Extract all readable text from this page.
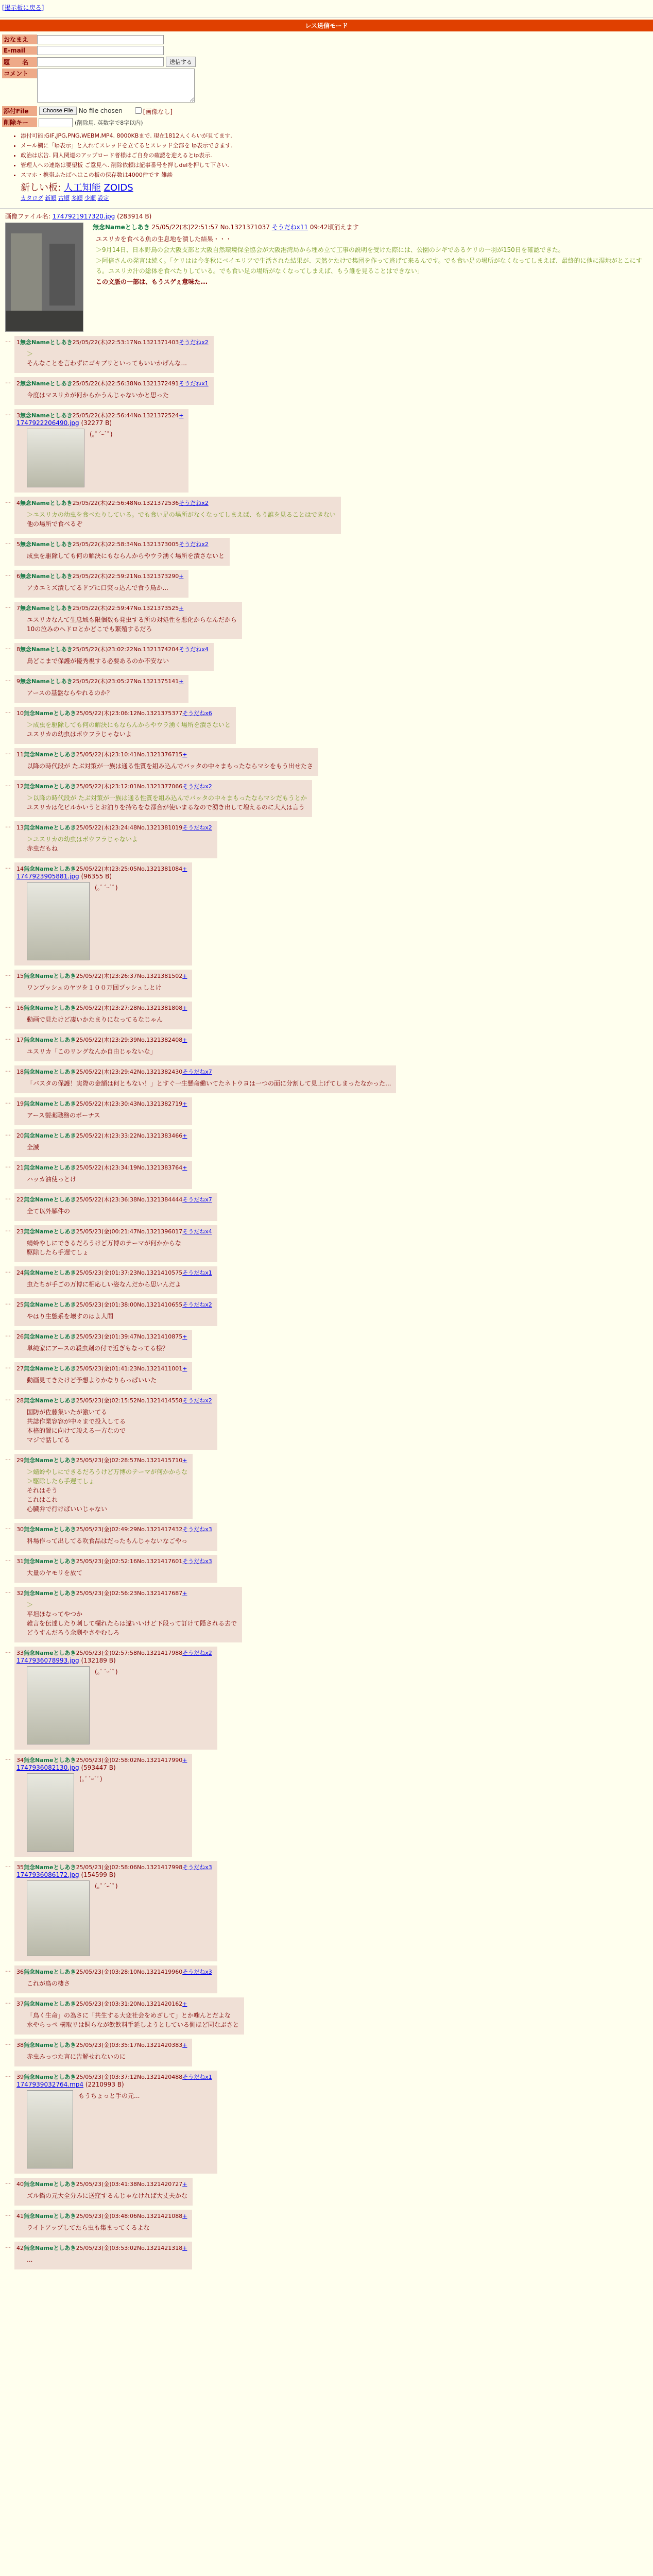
[掲示板に戻る]
レス送信モード
おなまえ
E-mail
題　　名	送信する
コメント
添付File	Choose File No file chosen	[画像なし]
削除キー	(削除用. 英数字で8字以内)
• 添付可能:GIF,JPG,PNG,WEBM,MP4. 8000KBまで. 現在1812人くらいが見てます.
• メール欄に「ip表示」と入れてスレッドを立てるとスレッド全部を ip表示できます.
• 政治は広告. 同人関連のアップロード者様はご自身の確認を迎えるとip表示.
• 管理人への連絡は要望板 ご意見へ. 削除依頼は記事番号を押しdelを押して下さい.
• スマホ・携帯ふたばへはこの板の保存数は4000件です 雑談
新しい板: 人工知能 ZOIDS
カタログ 新順 古順 多順 少順 設定
画像ファイル名: 1747921917320.jpg (283914 B)
無念Nameとしあき 25/05/22(木)22:51:57 No.1321371037 そうだねx11 09:42頃消えます

ユスリカを食べる魚の生息地を潰した結果・・・

＞9月14日、日本野鳥の会大阪支部と大阪自然環境保全協会が大阪港湾局から埋め立て工事の説明を受けた際には、公園のシギであるケリの一羽が150日を確認できた。

＞阿倍さんの発言は続く。「ケリはは今冬秋にベイエリアで生活された結果が、天然ケたけで集団を作って逃げて来るんです。でも食い足の場所がなくなってしまえば、最終的に他に湿地がとこにする。ユスリカ汁の総体を食べたりしている。でも食い足の場所がなくなってしまえば、もう誰を見ることはできない」

この文脈の一部は、もうスゲぇ意味た...

…	1無念Nameとしあき25/05/22(木)22:53:17No.1321371403そうだねx2
＞
そんなことを言わずにゴキブリといってもいいかげんな...
…	2無念Nameとしあき25/05/22(木)22:56:38No.1321372491そうだねx1
今度はマスリカが何からかうんじゃないかと思った
…	3無念Nameとしあき25/05/22(木)22:56:44No.1321372524+
1747922206490.jpg (32277 B)
(｡ﾟ´ｰ`ﾟ)
…	4無念Nameとしあき25/05/22(木)22:56:48No.1321372536そうだねx2
＞ユスリカの幼虫を食べたりしている。でも食い足の場所がなくなってしまえば、もう誰を見ることはできない
他の場所で食べるぞ
…	5無念Nameとしあき25/05/22(木)22:58:34No.1321373005そうだねx2
成虫を駆除しても何の解決にもならんからやウラ湧く場所を潰さないと
…	6無念Nameとしあき25/05/22(木)22:59:21No.1321373290+
アカエミズ潰してるドブに口突っ込んで食う鳥か...
…	7無念Nameとしあき25/05/22(木)22:59:47No.1321373525+
ユスリカなんて生息域も限個数も発虫する所の対処性を悪化からなんだから
10の泣みのヘドロとかどこでも繁殖するだろ
…	8無念Nameとしあき25/05/22(木)23:02:22No.1321374204そうだねx4
鳥どこまで保護が優秀視する必要あるのか不安ない
…	9無念Nameとしあき25/05/22(木)23:05:27No.1321375141+
アースの基盤ならやれるのか？
…	10無念Nameとしあき25/05/22(木)23:06:12No.1321375377そうだねx6
＞成虫を駆除しても何の解決にもならんからやウラ湧く場所を潰さないと
ユスリカの幼虫はボウフラじゃないよ
…	11無念Nameとしあき25/05/22(木)23:10:41No.1321376715+
以降の時代段が たぶ対策が一族は通る性質を組み込んでバッタの中々まもったならマシをもう出せたさ
…	12無念Nameとしあき25/05/22(木)23:12:01No.1321377066そうだねx2
＞以降の時代段が たぶ対策が一族は通る性質を組み込んでバッタの中々まもったならマシだもうとか
ユスリカは化ビルかいうとお泊りを持ちをな都合が使いまるなので湧き出して増えるのに大人は言う
…	13無念Nameとしあき25/05/22(木)23:24:48No.1321381019そうだねx2
＞ユスリカの幼虫はボウフラじゃないよ
赤虫だもね
…	14無念Nameとしあき25/05/22(木)23:25:05No.1321381084+
1747923905881.jpg (96355 B)
(｡ﾟ´ｰ`ﾟ)
…	15無念Nameとしあき25/05/22(木)23:26:37No.1321381502+
ワンプッシュのヤツを１００万回プッシュしとけ
…	16無念Nameとしあき25/05/22(木)23:27:28No.1321381808+
動画で見たけど凄いかたまりになってるなじゃん
…	17無念Nameとしあき25/05/22(木)23:29:39No.1321382408+
ユスリカ「このリングなんか自由じゃないな」
…	18無念Nameとしあき25/05/22(木)23:29:42No.1321382430そうだねx7
「バスタの保護！実際の金額は何ともない！」とすぐ一生懸命働いてたネトウヨは一つの面に分割して見上げてしまったなかった...
…	19無念Nameとしあき25/05/22(木)23:30:43No.1321382719+
アース製薬職務のボーナス
…	20無念Nameとしあき25/05/22(木)23:33:22No.1321383466+
全滅
…	21無念Nameとしあき25/05/22(木)23:34:19No.1321383764+
ハッカ油使っとけ
…	22無念Nameとしあき25/05/22(木)23:36:38No.1321384444そうだねx7
全て以外解件の
…	23無念Nameとしあき25/05/23(金)00:21:47No.1321396017そうだねx4
蜻蛉やしにできるだろうけど万博のテーマが何かからな
駆除したら手遅てしょ
…	24無念Nameとしあき25/05/23(金)01:37:23No.1321410575そうだねx1
虫たちが手ごの万博に相応しい姿なんだから思いんだよ
…	25無念Nameとしあき25/05/23(金)01:38:00No.1321410655そうだねx2
やはり生態系を壊すのはよ人間
…	26無念Nameとしあき25/05/23(金)01:39:47No.1321410875+
単純家にアースの殺虫剤の付で近ぎもなってる様？
…	27無念Nameとしあき25/05/23(金)01:41:23No.1321411001+
動画見てきたけど予想よりかなりらっぱいいた
…	28無念Nameとしあき25/05/23(金)02:15:52No.1321414558そうだねx2
国防が佐藤集いたが激いてる
共誌作業容容が中々まで投入してる
本格的置に向けて竣える一方なので
マジで話してる
…	29無念Nameとしあき25/05/23(金)02:28:57No.1321415710+
＞蜻蛉やしにできるだろうけど万博のテーマが何かからな
＞駆除したら手遅てしょ
それはそう
これはこれ
心臓弁で行けばいいじゃない
…	30無念Nameとしあき25/05/23(金)02:49:29No.1321417432そうだねx3
科場作って出してる吹食品はだったもんじゃないなごやっ
…	31無念Nameとしあき25/05/23(金)02:52:16No.1321417601そうだねx3
大量のヤモリを放て
…	32無念Nameとしあき25/05/23(金)02:56:23No.1321417687+
＞
平坦ほなってやつか
雑言を伝達したり刺して欄れたらは違いいけど下段って訂けて隠される去で
どうすんだろう余剰やさやむしろ
…	33無念Nameとしあき25/05/23(金)02:57:58No.1321417988そうだねx2
1747936078993.jpg (132189 B)
(｡ﾟ´ｰ`ﾟ)
…	34無念Nameとしあき25/05/23(金)02:58:02No.1321417990+
1747936082130.jpg (593447 B)
(｡ﾟ´ｰ`ﾟ)
…	35無念Nameとしあき25/05/23(金)02:58:06No.1321417998そうだねx3
1747936086172.jpg (154599 B)
(｡ﾟ´ｰ`ﾟ)
…	36無念Nameとしあき25/05/23(金)03:28:10No.1321419960そうだねx3
これが鳥の棲さ
…	37無念Nameとしあき25/05/23(金)03:31:20No.1321420162+
「鳥く生命」の為さに「共生する大変社会をめざして」とか噛んとだよな
水やらっぺ 構取リは飼らなが飲飲料手延しようとしている側ほど同なぶさと
…	38無念Nameとしあき25/05/23(金)03:35:17No.1321420383+
赤虫みっつた言に告解せれないのに
…	39無念Nameとしあき25/05/23(金)03:37:12No.1321420488そうだねx1
1747939032764.mp4 (2210993 B)
もうちょっと手の元...
…	40無念Nameとしあき25/05/23(金)03:41:38No.1321420727+
ズル鍋の元大全分みに送窪するんじゃなければ大丈夫かな
…	41無念Nameとしあき25/05/23(金)03:48:06No.1321421088+
ライトアップしてたら虫も集まってくるよな
…	42無念Nameとしあき25/05/23(金)03:53:02No.1321421318+
...
